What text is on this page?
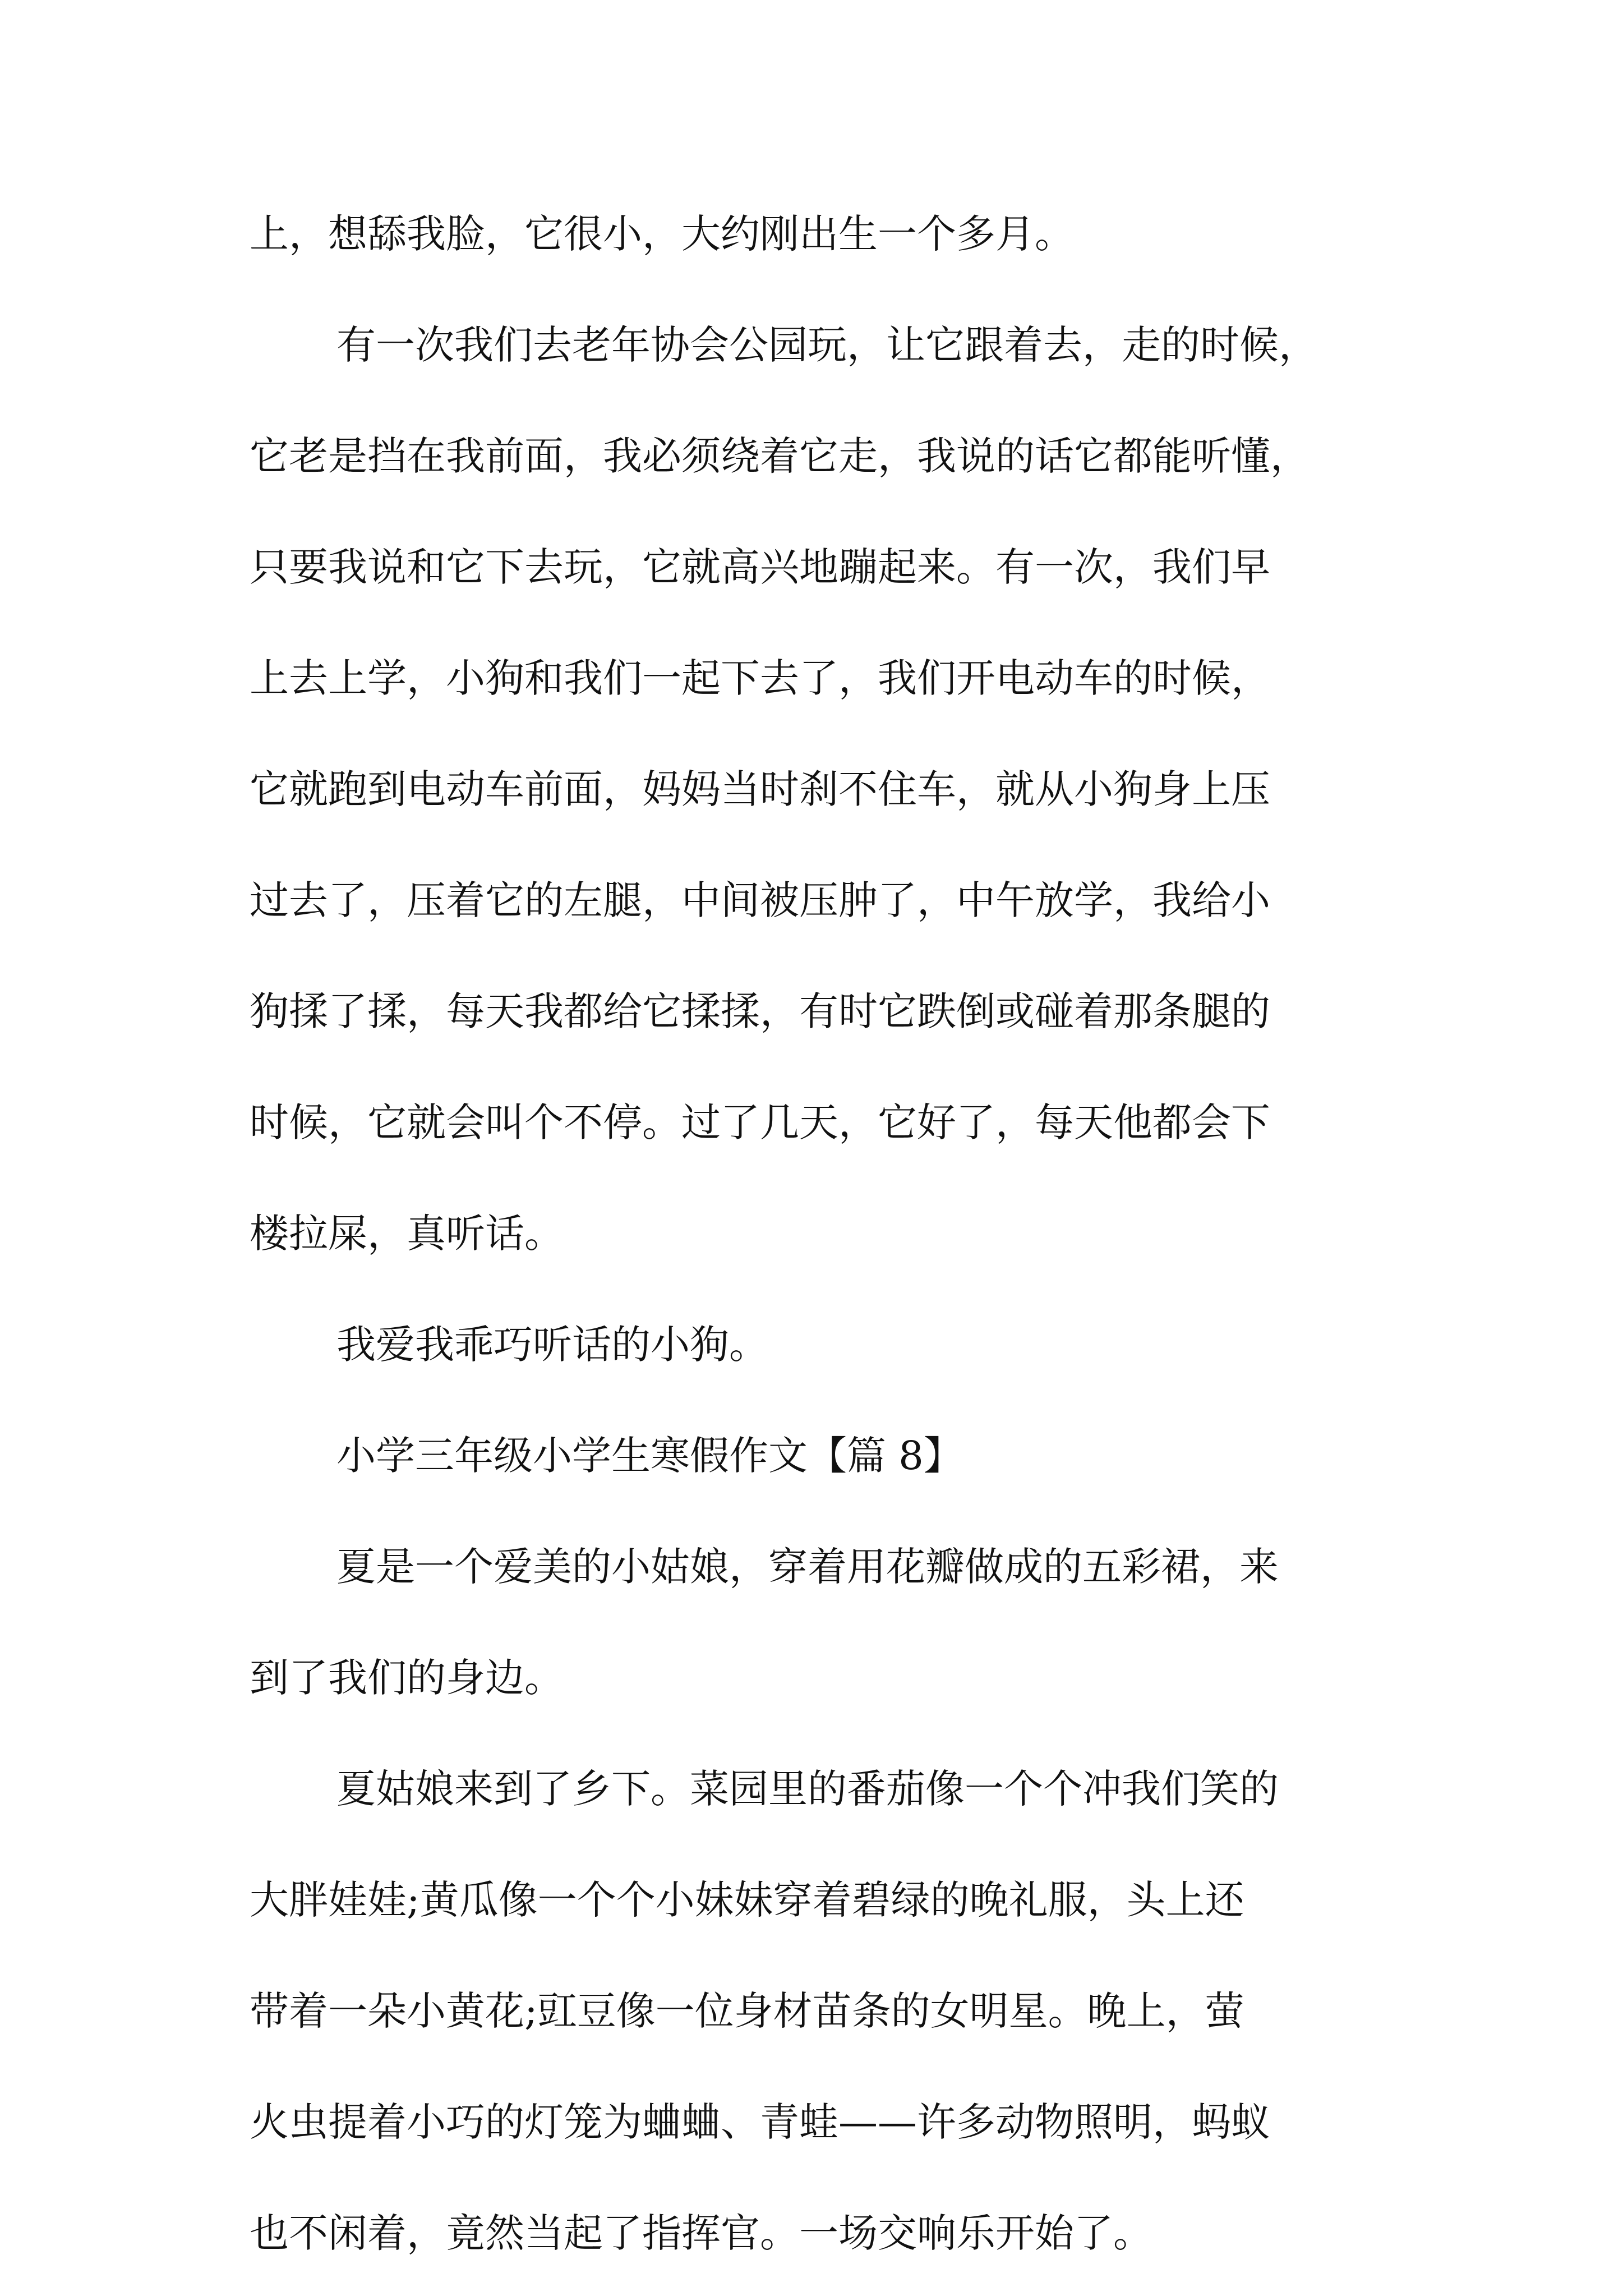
上，想舔我脸，它很小，大约刚出生一个多月。

有一次我们去老年协会公园玩，让它跟着去，走的时候，

它老是挡在我前面，我必须绕着它走，我说的话它都能听懂，

只要我说和它下去玩，它就高兴地蹦起来。有一次，我们早

上去上学，小狗和我们一起下去了，我们开电动车的时候，

它就跑到电动车前面，妈妈当时刹不住车，就从小狗身上压

过去了，压着它的左腿，中间被压肿了，中午放学，我给小

狗揉了揉，每天我都给它揉揉，有时它跌倒或碰着那条腿的

时候，它就会叫个不停。过了几天，它好了，每天他都会下

楼拉屎，真听话。

我爱我乖巧听话的小狗。

小学三年级小学生寒假作文【篇 8】

夏是一个爱美的小姑娘，穿着用花瓣做成的五彩裙，来

到了我们的身边。

夏姑娘来到了乡下。菜园里的番茄像一个个冲我们笑的

大胖娃娃;黄瓜像一个个小妹妹穿着碧绿的晚礼服，头上还

带着一朵小黄花;豇豆像一位身材苗条的女明星。晚上，萤

火虫提着小巧的灯笼为蛐蛐、青蛙——许多动物照明，蚂蚁

也不闲着，竟然当起了指挥官。一场交响乐开始了。
